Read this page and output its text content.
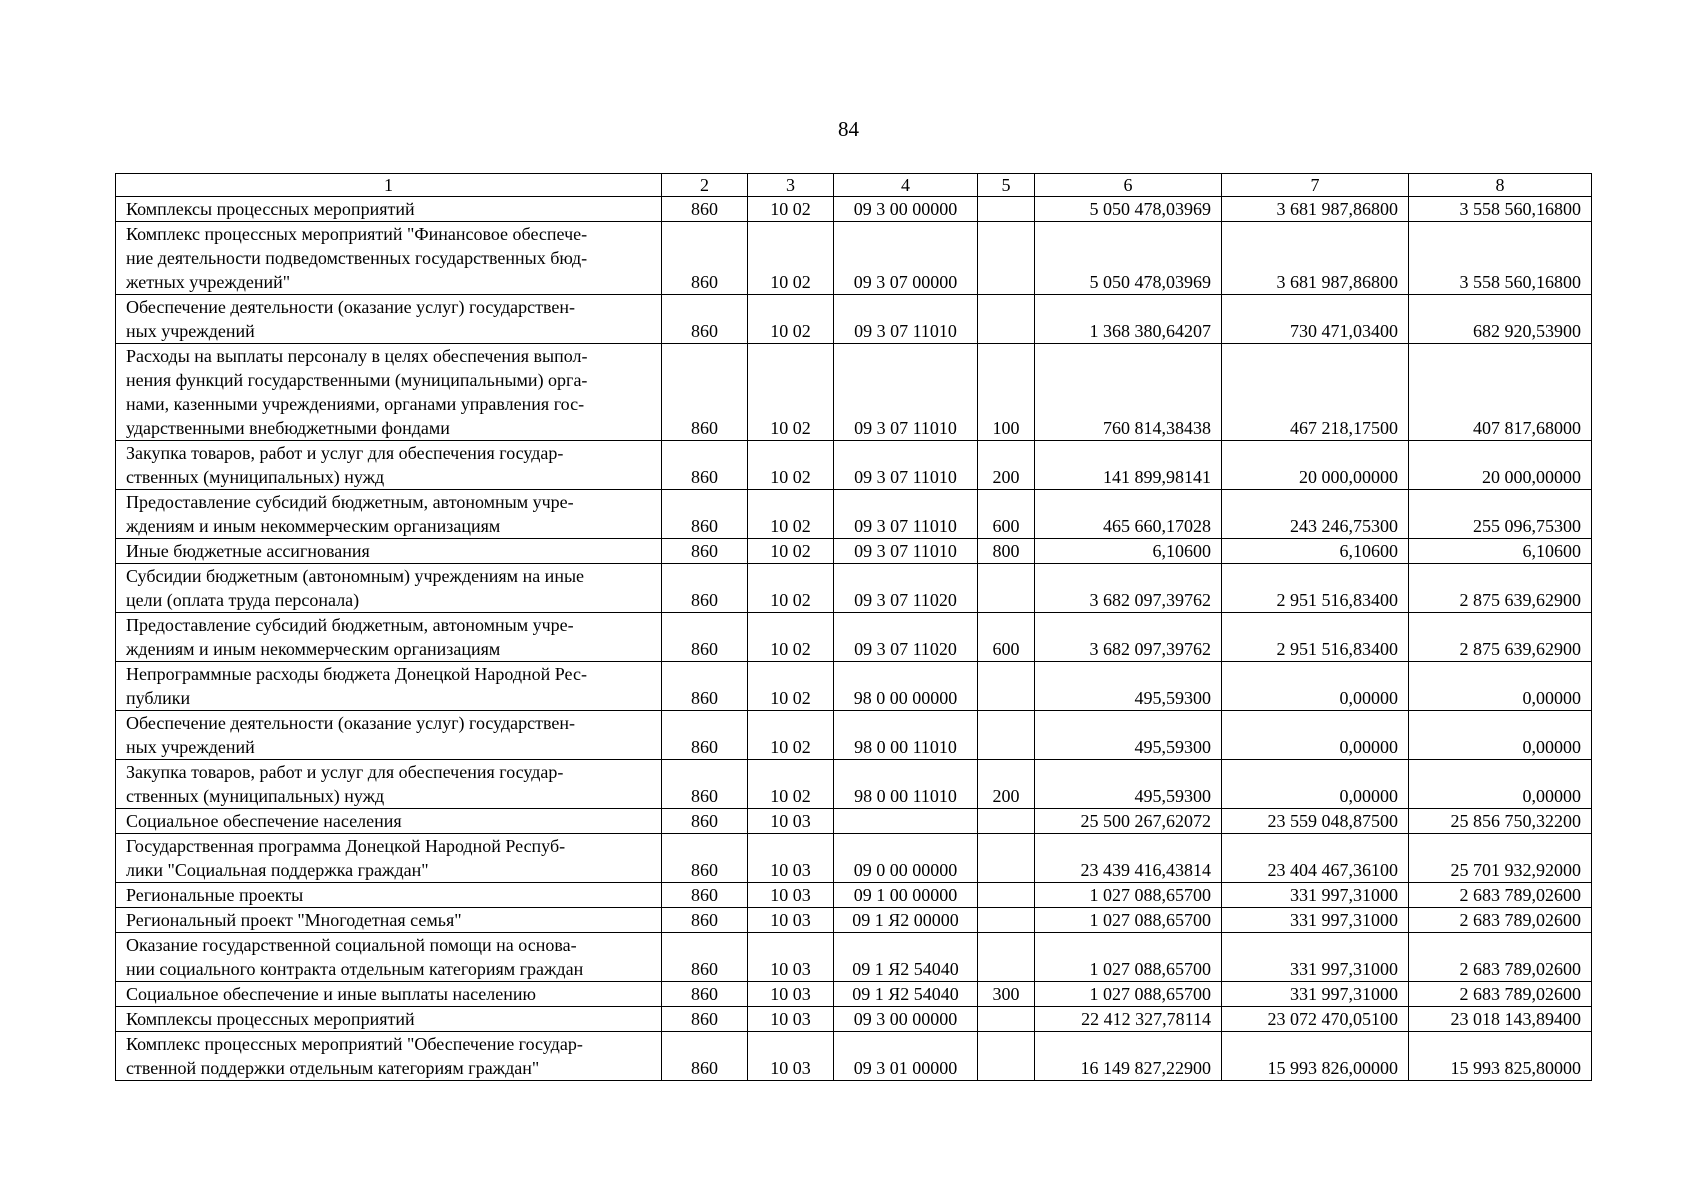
84
1	2	3	4	5	6	7	8
Комплексы процессных мероприятий	860	10 02	09 3 00 00000		5 050 478,03969	3 681 987,86800	3 558 560,16800
Комплекс процессных мероприятий "Финансовое обеспече-
ние деятельности подведомственных государственных бюд-
жетных учреждений"	860	10 02	09 3 07 00000		5 050 478,03969	3 681 987,86800	3 558 560,16800
Обеспечение деятельности (оказание услуг) государствен-
ных учреждений	860	10 02	09 3 07 11010		1 368 380,64207	730 471,03400	682 920,53900
Расходы на выплаты персоналу в целях обеспечения выпол-
нения функций государственными (муниципальными) орга-
нами, казенными учреждениями, органами управления гос-
ударственными внебюджетными фондами	860	10 02	09 3 07 11010	100	760 814,38438	467 218,17500	407 817,68000
Закупка товаров, работ и услуг для обеспечения государ-
ственных (муниципальных) нужд	860	10 02	09 3 07 11010	200	141 899,98141	20 000,00000	20 000,00000
Предоставление субсидий бюджетным, автономным учре-
ждениям и иным некоммерческим организациям	860	10 02	09 3 07 11010	600	465 660,17028	243 246,75300	255 096,75300
Иные бюджетные ассигнования	860	10 02	09 3 07 11010	800	6,10600	6,10600	6,10600
Субсидии бюджетным (автономным) учреждениям на иные
цели (оплата труда персонала)	860	10 02	09 3 07 11020		3 682 097,39762	2 951 516,83400	2 875 639,62900
Предоставление субсидий бюджетным, автономным учре-
ждениям и иным некоммерческим организациям	860	10 02	09 3 07 11020	600	3 682 097,39762	2 951 516,83400	2 875 639,62900
Непрограммные расходы бюджета Донецкой Народной Рес-
публики	860	10 02	98 0 00 00000		495,59300	0,00000	0,00000
Обеспечение деятельности (оказание услуг) государствен-
ных учреждений	860	10 02	98 0 00 11010		495,59300	0,00000	0,00000
Закупка товаров, работ и услуг для обеспечения государ-
ственных (муниципальных) нужд	860	10 02	98 0 00 11010	200	495,59300	0,00000	0,00000
Социальное обеспечение населения	860	10 03			25 500 267,62072	23 559 048,87500	25 856 750,32200
Государственная программа Донецкой Народной Респуб-
лики "Социальная поддержка граждан"	860	10 03	09 0 00 00000		23 439 416,43814	23 404 467,36100	25 701 932,92000
Региональные проекты	860	10 03	09 1 00 00000		1 027 088,65700	331 997,31000	2 683 789,02600
Региональный проект "Многодетная семья"	860	10 03	09 1 Я2 00000		1 027 088,65700	331 997,31000	2 683 789,02600
Оказание государственной социальной помощи на основа-
нии социального контракта отдельным категориям граждан	860	10 03	09 1 Я2 54040		1 027 088,65700	331 997,31000	2 683 789,02600
Социальное обеспечение и иные выплаты населению	860	10 03	09 1 Я2 54040	300	1 027 088,65700	331 997,31000	2 683 789,02600
Комплексы процессных мероприятий	860	10 03	09 3 00 00000		22 412 327,78114	23 072 470,05100	23 018 143,89400
Комплекс процессных мероприятий "Обеспечение государ-
ственной поддержки отдельным категориям граждан"	860	10 03	09 3 01 00000		16 149 827,22900	15 993 826,00000	15 993 825,80000
